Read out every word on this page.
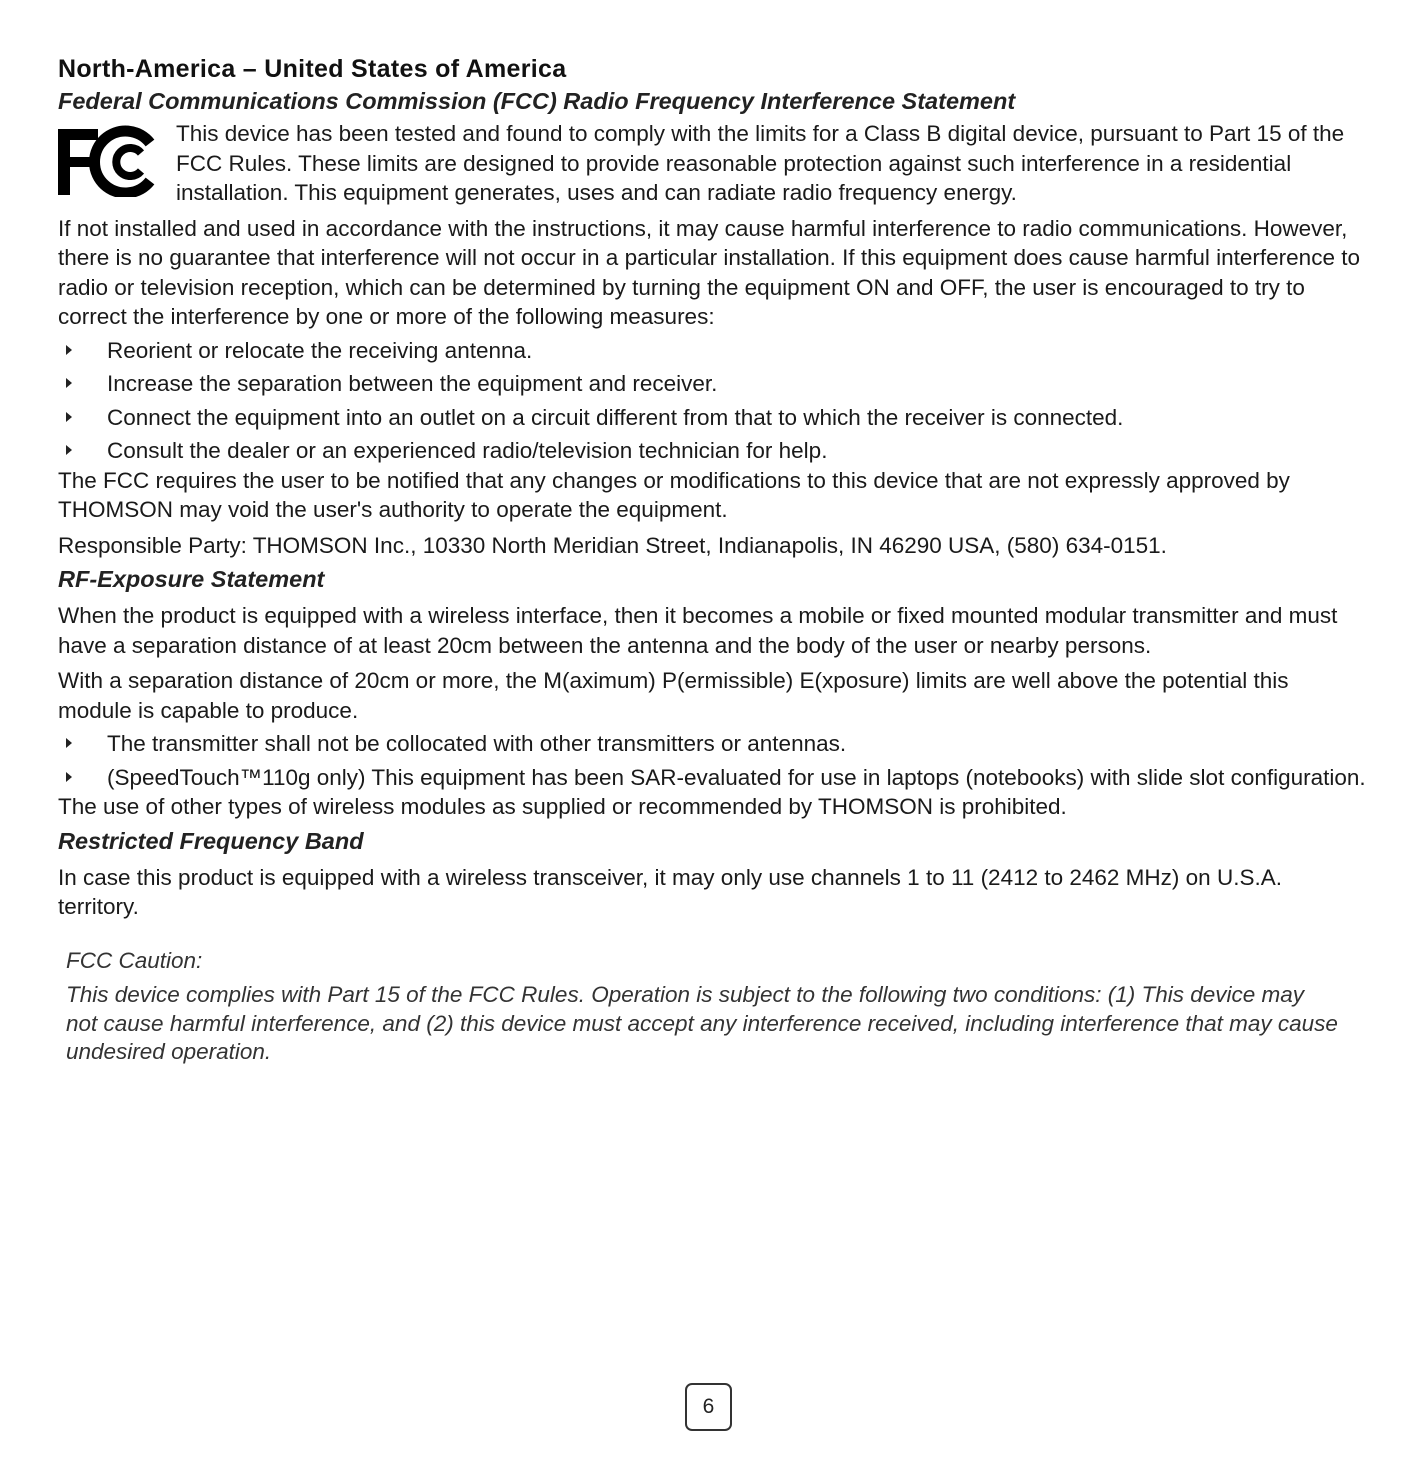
North-America – United States of America
Federal Communications Commission (FCC) Radio Frequency Interference Statement

This device has been tested and found to comply with the limits for a Class B digital device, pursuant to Part 15 of the FCC Rules. These limits are designed to provide reasonable protection against such interference in a residential installation. This equipment generates, uses and can radiate radio frequency energy.

If not installed and used in accordance with the instructions, it may cause harmful interference to radio communications. However, there is no guarantee that interference will not occur in a particular installation. If this equipment does cause harmful interference to radio or television reception, which can be determined by turning the equipment ON and OFF, the user is encouraged to try to correct the interference by one or more of the following measures:

Reorient or relocate the receiving antenna.
Increase the separation between the equipment and receiver.
Connect the equipment into an outlet on a circuit different from that to which the receiver is connected.
Consult the dealer or an experienced radio/television technician for help.

The FCC requires the user to be notified that any changes or modifications to this device that are not expressly approved by THOMSON may void the user's authority to operate the equipment.

Responsible Party: THOMSON Inc., 10330 North Meridian Street, Indianapolis, IN 46290 USA, (580) 634-0151.

RF-Exposure Statement

When the product is equipped with a wireless interface, then it becomes a mobile or fixed mounted modular transmitter and must have a separation distance of at least 20cm between the antenna and the body of the user or nearby persons.

With a separation distance of 20cm or more, the M(aximum) P(ermissible) E(xposure) limits are well above the potential this module is capable to produce.

The transmitter shall not be collocated with other transmitters or antennas.
(SpeedTouch™110g only) This equipment has been SAR-evaluated for use in laptops (notebooks) with slide slot configuration.

The use of other types of wireless modules as supplied or recommended by THOMSON is prohibited.

Restricted Frequency Band

In case this product is equipped with a wireless transceiver, it may only use channels 1 to 11 (2412 to 2462 MHz) on U.S.A. territory.

FCC Caution:

This device complies with Part 15 of the FCC Rules. Operation is subject to the following two conditions: (1) This device may not cause harmful interference, and (2) this device must accept any interference received, including interference that may cause undesired operation.

6
